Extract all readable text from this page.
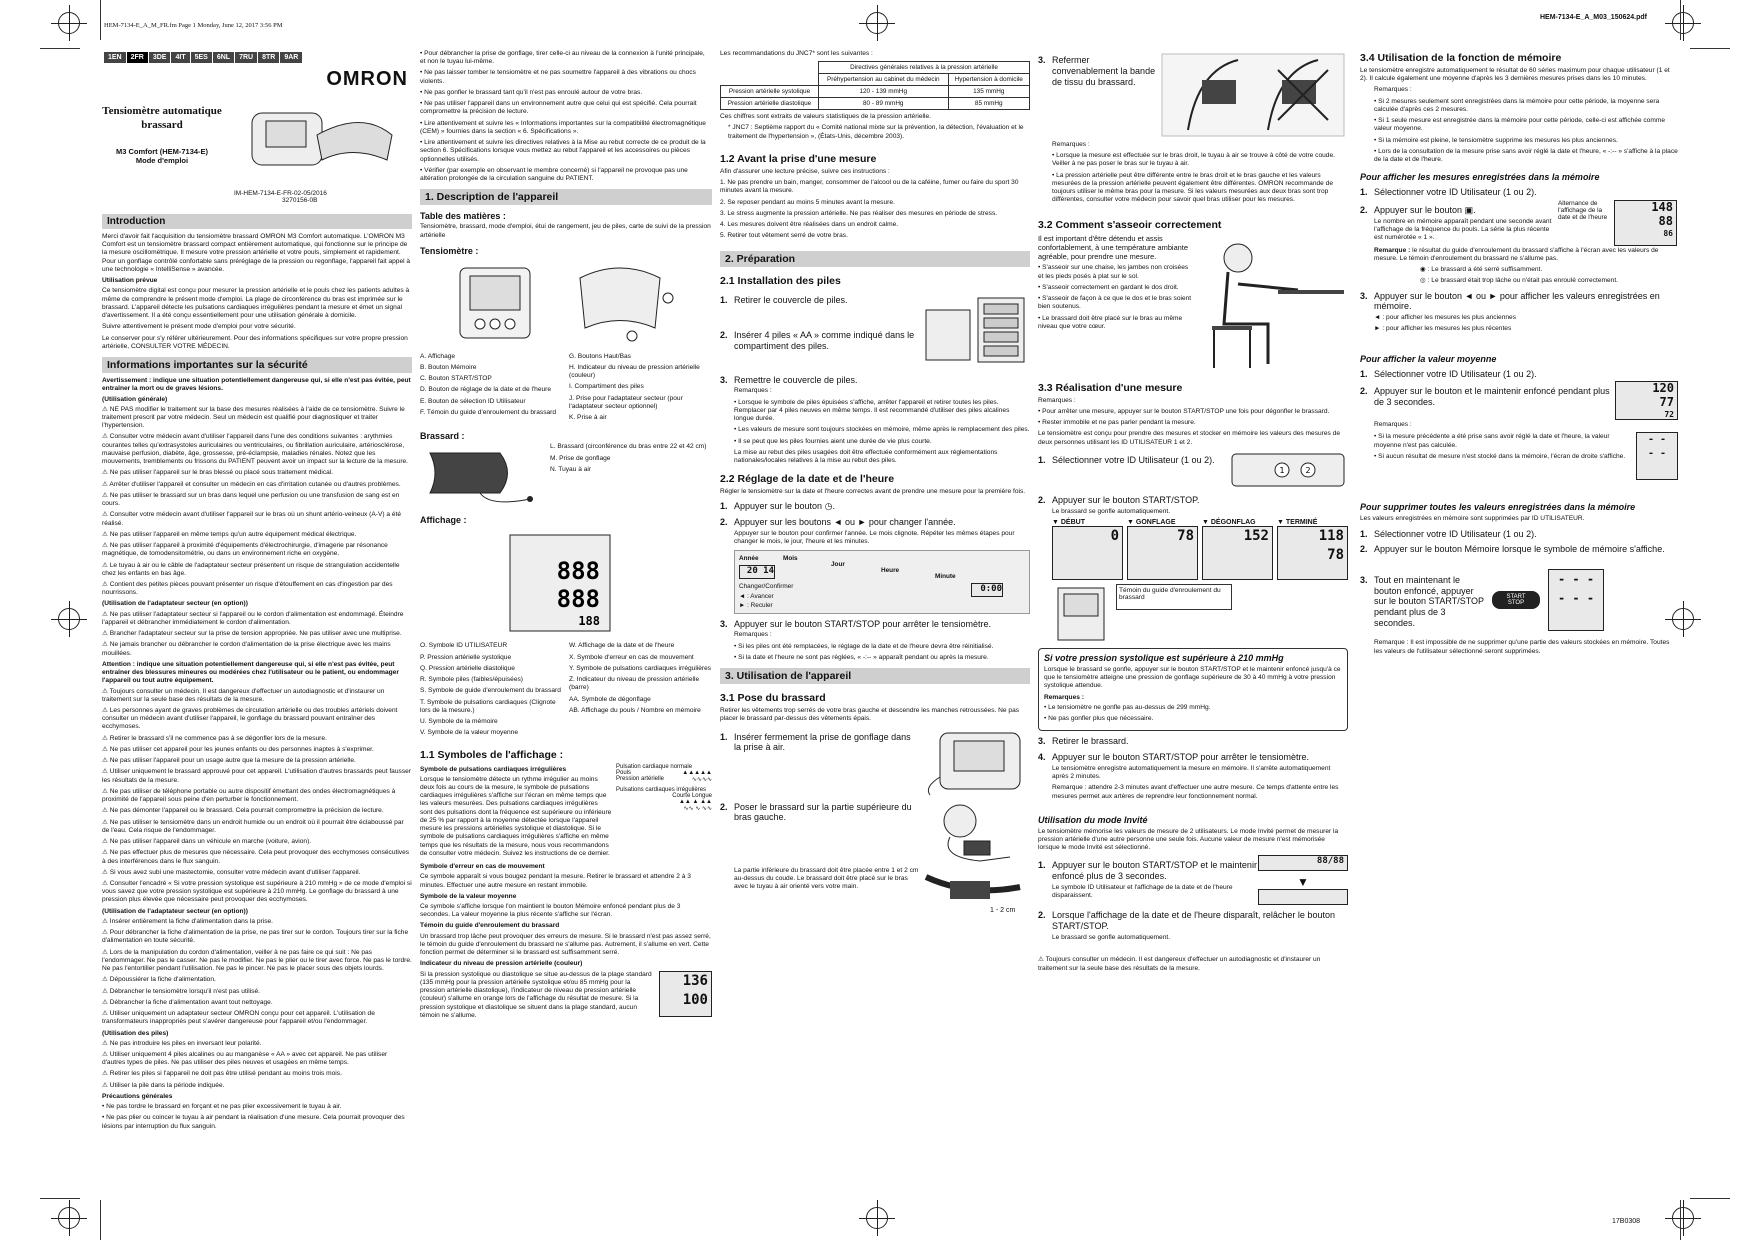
HEM-7134-E_A_M_FR.fm Page 1 Monday, June 12, 2017 3:56 PM
HEM-7134-E_A_M03_150624.pdf
17B0308
1EN	2FR	3DE	4IT	5ES	6NL	7RU	8TR	9AR
OMRON
Tensiomètre automatique brassard
M3 Comfort (HEM-7134-E)
Mode d'emploi
IM-HEM-7134-E-FR-02-05/2016
3270156-0B
Introduction
Merci d'avoir fait l'acquisition du tensiomètre brassard OMRON M3 Comfort automatique. L'OMRON M3 Comfort est un tensiomètre brassard compact entièrement automatique, qui fonctionne sur le principe de la mesure oscillométrique. Il mesure votre pression artérielle et votre pouls, simplement et rapidement. Pour un gonflage contrôlé confortable sans préréglage de la pression ou regonflage, l'appareil fait appel à une technologie « IntelliSense » avancée.
Utilisation prévue
Ce tensiomètre digital est conçu pour mesurer la pression artérielle et le pouls chez les patients adultes à même de comprendre le présent mode d'emploi. La plage de circonférence du bras est imprimée sur le brassard. L'appareil détecte les pulsations cardiaques irrégulières pendant la mesure et émet un signal d'avertissement. Il a été conçu essentiellement pour une utilisation générale à domicile.
Suivre attentivement le présent mode d'emploi pour votre sécurité.
Le conserver pour s'y référer ultérieurement. Pour des informations spécifiques sur votre propre pression artérielle, CONSULTER VOTRE MÉDECIN.
Informations importantes sur la sécurité
Avertissement : indique une situation potentiellement dangereuse qui, si elle n'est pas évitée, peut entraîner la mort ou de graves lésions.
(Utilisation générale)
⚠ NE PAS modifier le traitement sur la base des mesures réalisées à l'aide de ce tensiomètre. Suivre le traitement prescrit par votre médecin. Seul un médecin est qualifié pour diagnostiquer et traiter l'hypertension.
⚠ Consulter votre médecin avant d'utiliser l'appareil dans l'une des conditions suivantes : arythmies courantes telles qu'extrasystoles auriculaires ou ventriculaires, ou fibrillation auriculaire, artériosclérose, mauvaise perfusion, diabète, âge, grossesse, pré-éclampsie, maladies rénales. Notez que les mouvements, tremblements ou frissons du PATIENT peuvent avoir un impact sur la lecture de la mesure.
⚠ Ne pas utiliser l'appareil sur le bras blessé ou placé sous traitement médical.
⚠ Arrêter d'utiliser l'appareil et consulter un médecin en cas d'irritation cutanée ou d'autres problèmes.
⚠ Ne pas utiliser le brassard sur un bras dans lequel une perfusion ou une transfusion de sang est en cours.
⚠ Consulter votre médecin avant d'utiliser l'appareil sur le bras où un shunt artério-veineux (A-V) a été réalisé.
⚠ Ne pas utiliser l'appareil en même temps qu'un autre équipement médical électrique.
⚠ Ne pas utiliser l'appareil à proximité d'équipements d'électrochirurgie, d'imagerie par résonance magnétique, de tomodensitométrie, ou dans un environnement riche en oxygène.
⚠ Le tuyau à air ou le câble de l'adaptateur secteur présentent un risque de strangulation accidentelle chez les enfants en bas âge.
⚠ Contient des petites pièces pouvant présenter un risque d'étouffement en cas d'ingestion par des nourrissons.
(Utilisation de l'adaptateur secteur (en option))
⚠ Ne pas utiliser l'adaptateur secteur si l'appareil ou le cordon d'alimentation est endommagé. Éteindre l'appareil et débrancher immédiatement le cordon d'alimentation.
⚠ Brancher l'adaptateur secteur sur la prise de tension appropriée. Ne pas utiliser avec une multiprise.
⚠ Ne jamais brancher ou débrancher le cordon d'alimentation de la prise électrique avec les mains mouillées.
Attention : indique une situation potentiellement dangereuse qui, si elle n'est pas évitée, peut entraîner des blessures mineures ou modérées chez l'utilisateur ou le patient, ou endommager l'appareil ou tout autre équipement.
⚠ Toujours consulter un médecin. Il est dangereux d'effectuer un autodiagnostic et d'instaurer un traitement sur la seule base des résultats de la mesure.
⚠ Les personnes ayant de graves problèmes de circulation artérielle ou des troubles artériels doivent consulter un médecin avant d'utiliser l'appareil, le gonflage du brassard pouvant entraîner des ecchymoses.
⚠ Retirer le brassard s'il ne commence pas à se dégonfler lors de la mesure.
⚠ Ne pas utiliser cet appareil pour les jeunes enfants ou des personnes inaptes à s'exprimer.
⚠ Ne pas utiliser l'appareil pour un usage autre que la mesure de la pression artérielle.
⚠ Utiliser uniquement le brassard approuvé pour cet appareil. L'utilisation d'autres brassards peut fausser les résultats de la mesure.
⚠ Ne pas utiliser de téléphone portable ou autre dispositif émettant des ondes électromagnétiques à proximité de l'appareil sous peine d'en perturber le fonctionnement.
⚠ Ne pas démonter l'appareil ou le brassard. Cela pourrait compromettre la précision de lecture.
⚠ Ne pas utiliser le tensiomètre dans un endroit humide ou un endroit où il pourrait être éclaboussé par de l'eau. Cela risque de l'endommager.
⚠ Ne pas utiliser l'appareil dans un véhicule en marche (voiture, avion).
⚠ Ne pas effectuer plus de mesures que nécessaire. Cela peut provoquer des ecchymoses consécutives à des interférences dans le flux sanguin.
⚠ Si vous avez subi une mastectomie, consulter votre médecin avant d'utiliser l'appareil.
⚠ Consulter l'encadré « Si votre pression systolique est supérieure à 210 mmHg » de ce mode d'emploi si vous savez que votre pression systolique est supérieure à 210 mmHg. Le gonflage du brassard à une pression plus élevée que nécessaire peut provoquer des ecchymoses.
(Utilisation de l'adaptateur secteur (en option))
⚠ Insérer entièrement la fiche d'alimentation dans la prise.
⚠ Pour débrancher la fiche d'alimentation de la prise, ne pas tirer sur le cordon. Toujours tirer sur la fiche d'alimentation en toute sécurité.
⚠ Lors de la manipulation du cordon d'alimentation, veiller à ne pas faire ce qui suit : Ne pas l'endommager. Ne pas le casser. Ne pas le modifier. Ne pas le plier ou le tirer avec force. Ne pas le tordre. Ne pas l'entortiller pendant l'utilisation. Ne pas le pincer. Ne pas le placer sous des objets lourds.
⚠ Dépoussiérer la fiche d'alimentation.
⚠ Débrancher le tensiomètre lorsqu'il n'est pas utilisé.
⚠ Débrancher la fiche d'alimentation avant tout nettoyage.
⚠ Utiliser uniquement un adaptateur secteur OMRON conçu pour cet appareil. L'utilisation de transformateurs inappropriés peut s'avérer dangereuse pour l'appareil et/ou l'endommager.
(Utilisation des piles)
⚠ Ne pas introduire les piles en inversant leur polarité.
⚠ Utiliser uniquement 4 piles alcalines ou au manganèse « AA » avec cet appareil. Ne pas utiliser d'autres types de piles. Ne pas utiliser des piles neuves et usagées en même temps.
⚠ Retirer les piles si l'appareil ne doit pas être utilisé pendant au moins trois mois.
⚠ Utiliser la pile dans la période indiquée.
Précautions générales
• Ne pas tordre le brassard en forçant et ne pas plier excessivement le tuyau à air.
• Ne pas plier ou coincer le tuyau à air pendant la réalisation d'une mesure. Cela pourrait provoquer des lésions par interruption du flux sanguin.
• Pour débrancher la prise de gonflage, tirer celle-ci au niveau de la connexion à l'unité principale, et non le tuyau lui-même.
• Ne pas laisser tomber le tensiomètre et ne pas soumettre l'appareil à des vibrations ou chocs violents.
• Ne pas gonfler le brassard tant qu'il n'est pas enroulé autour de votre bras.
• Ne pas utiliser l'appareil dans un environnement autre que celui qui est spécifié. Cela pourrait compromettre la précision de lecture.
• Lire attentivement et suivre les « Informations importantes sur la compatibilité électromagnétique (CEM) » fournies dans la section « 6. Spécifications ».
• Lire attentivement et suivre les directives relatives à la Mise au rebut correcte de ce produit de la section 6. Spécifications lorsque vous mettez au rebut l'appareil et les accessoires ou pièces optionnelles utilisés.
• Vérifier (par exemple en observant le membre concerné) si l'appareil ne provoque pas une altération prolongée de la circulation sanguine du PATIENT.
1. Description de l'appareil
Table des matières :
Tensiomètre, brassard, mode d'emploi, étui de rangement, jeu de piles, carte de suivi de la pression artérielle
Tensiomètre :
A. Affichage
B. Bouton Mémoire
C. Bouton START/STOP
D. Bouton de réglage de la date et de l'heure
E. Bouton de sélection ID Utilisateur
F. Témoin du guide d'enroulement du brassard
G. Boutons Haut/Bas
H. Indicateur du niveau de pression artérielle (couleur)
I. Compartiment des piles
J. Prise pour l'adaptateur secteur (pour l'adaptateur secteur optionnel)
K. Prise à air
Brassard :
L. Brassard (circonférence du bras entre 22 et 42 cm)
M. Prise de gonflage
N. Tuyau à air
Affichage :
888
888
188
O. Symbole ID UTILISATEUR
P. Pression artérielle systolique
Q. Pression artérielle diastolique
R. Symbole piles (faibles/épuisées)
S. Symbole de guide d'enroulement du brassard
T. Symbole de pulsations cardiaques (Clignote lors de la mesure.)
U. Symbole de la mémoire
V. Symbole de la valeur moyenne
W. Affichage de la date et de l'heure
X. Symbole d'erreur en cas de mouvement
Y. Symbole de pulsations cardiaques irrégulières
Z. Indicateur du niveau de pression artérielle (barre)
AA. Symbole de dégonflage
AB. Affichage du pouls / Nombre en mémoire
1.1 Symboles de l'affichage :
Symbole de pulsations cardiaques irrégulières
Lorsque le tensiomètre détecte un rythme irrégulier au moins deux fois au cours de la mesure, le symbole de pulsations cardiaques irrégulières s'affiche sur l'écran en même temps que les valeurs mesurées. Des pulsations cardiaques irrégulières sont des pulsations dont la fréquence est supérieure ou inférieure de 25 % par rapport à la moyenne détectée lorsque l'appareil mesure les pressions artérielles systolique et diastolique. Si le symbole de pulsations cardiaques irrégulières s'affiche en même temps que les résultats de la mesure, nous vous recommandons de consulter votre médecin. Suivez les instructions de ce dernier.
Pulsation cardiaque normale
Pouls	▲▲▲▲▲
Pression artérielle	∿∿∿∿
Pulsations cardiaques irrégulières
Courte Longue
▲▲ ▲ ▲▲
∿∿ ∿ ∿∿
Symbole d'erreur en cas de mouvement
Ce symbole apparaît si vous bougez pendant la mesure. Retirer le brassard et attendre 2 à 3 minutes. Effectuer une autre mesure en restant immobile.
Symbole de la valeur moyenne
Ce symbole s'affiche lorsque l'on maintient le bouton Mémoire enfoncé pendant plus de 3 secondes. La valeur moyenne la plus récente s'affiche sur l'écran.
Témoin du guide d'enroulement du brassard
Un brassard trop lâche peut provoquer des erreurs de mesure. Si le brassard n'est pas assez serré, le témoin du guide d'enroulement du brassard ne s'allume pas. Autrement, il s'allume en vert. Cette fonction permet de déterminer si le brassard est suffisamment serré.
Indicateur du niveau de pression artérielle (couleur)
Si la pression systolique ou diastolique se situe au-dessus de la plage standard (135 mmHg pour la pression artérielle systolique et/ou 85 mmHg pour la pression artérielle diastolique), l'indicateur de niveau de pression artérielle (couleur) s'allume en orange lors de l'affichage du résultat de mesure. Si la pression systolique et diastolique se situent dans la plage standard, aucun témoin ne s'allume.
136
100
Les recommandations du JNC7* sont les suivantes :
	Directives générales relatives à la pression artérielle	
	Préhypertension au cabinet du médecin	Hypertension à domicile
Pression artérielle systolique	120 - 139 mmHg	135 mmHg
Pression artérielle diastolique	80 - 89 mmHg	85 mmHg
Ces chiffres sont extraits de valeurs statistiques de la pression artérielle.
* JNC7 : Septième rapport du « Comité national mixte sur la prévention, la détection, l'évaluation et le traitement de l'hypertension », (États-Unis, décembre 2003).
1.2 Avant la prise d'une mesure
Afin d'assurer une lecture précise, suivre ces instructions :
1. Ne pas prendre un bain, manger, consommer de l'alcool ou de la caféine, fumer ou faire du sport 30 minutes avant la mesure.
2. Se reposer pendant au moins 5 minutes avant la mesure.
3. Le stress augmente la pression artérielle. Ne pas réaliser des mesures en période de stress.
4. Les mesures doivent être réalisées dans un endroit calme.
5. Retirer tout vêtement serré de votre bras.
2. Préparation
2.1 Installation des piles
1. Retirer le couvercle de piles.
2. Insérer 4 piles « AA » comme indiqué dans le compartiment des piles.
3. Remettre le couvercle de piles.
Remarques :
• Lorsque le symbole de piles épuisées s'affiche, arrêter l'appareil et retirer toutes les piles. Remplacer par 4 piles neuves en même temps. Il est recommandé d'utiliser des piles alcalines longue durée.
• Les valeurs de mesure sont toujours stockées en mémoire, même après le remplacement des piles.
• Il se peut que les piles fournies aient une durée de vie plus courte.
La mise au rebut des piles usagées doit être effectuée conformément aux réglementations nationales/locales relatives à la mise au rebut des piles.
2.2 Réglage de la date et de l'heure
Régler le tensiomètre sur la date et l'heure correctes avant de prendre une mesure pour la première fois.
1. Appuyer sur le bouton ◷.
2. Appuyer sur les boutons ◄ ou ► pour changer l'année.
Appuyer sur le bouton pour confirmer l'année. Le mois clignote. Répéter les mêmes étapes pour changer le mois, le jour, l'heure et les minutes.
Année
20 14
Mois
Jour
Heure
Minute
0:00
Changer/Confirmer
◄ : Avancer
► : Reculer
3. Appuyer sur le bouton START/STOP pour arrêter le tensiomètre.
Remarques :
• Si les piles ont été remplacées, le réglage de la date et de l'heure devra être réinitialisé.
• Si la date et l'heure ne sont pas réglées, « -:-- » apparaît pendant ou après la mesure.
3. Utilisation de l'appareil
3.1 Pose du brassard
Retirer les vêtements trop serrés de votre bras gauche et descendre les manches retroussées. Ne pas placer le brassard par-dessus des vêtements épais.
1. Insérer fermement la prise de gonflage dans la prise à air.
2. Poser le brassard sur la partie supérieure du bras gauche.
La partie inférieure du brassard doit être placée entre 1 et 2 cm au-dessus du coude. Le brassard doit être placé sur le bras avec le tuyau à air orienté vers votre main.
1 - 2 cm
3. Refermer convenablement la bande de tissu du brassard.
Remarques :
• Lorsque la mesure est effectuée sur le bras droit, le tuyau à air se trouve à côté de votre coude. Veiller à ne pas poser le bras sur le tuyau à air.
• La pression artérielle peut être différente entre le bras droit et le bras gauche et les valeurs mesurées de la pression artérielle peuvent également être différentes. OMRON recommande de toujours utiliser le même bras pour la mesure. Si les valeurs mesurées aux deux bras sont trop différentes, consulter votre médecin pour savoir quel bras utiliser pour les mesures.
3.2 Comment s'asseoir correctement
Il est important d'être détendu et assis confortablement, à une température ambiante agréable, pour prendre une mesure.
• S'asseoir sur une chaise, les jambes non croisées et les pieds posés à plat sur le sol.
• S'asseoir correctement en gardant le dos droit.
• S'asseoir de façon à ce que le dos et le bras soient bien soutenus.
• Le brassard doit être placé sur le bras au même niveau que votre cœur.
3.3 Réalisation d'une mesure
Remarques :
• Pour arrêter une mesure, appuyer sur le bouton START/STOP une fois pour dégonfler le brassard.
• Rester immobile et ne pas parler pendant la mesure.
Le tensiomètre est conçu pour prendre des mesures et stocker en mémoire les valeurs des mesures de deux personnes utilisant les ID UTILISATEUR 1 et 2.
1. Sélectionner votre ID Utilisateur (1 ou 2).
1	2
2. Appuyer sur le bouton START/STOP.
Le brassard se gonfle automatiquement.
▼ DÉBUT
0
▼ GONFLAGE
78
▼ DÉGONFLAG
152
▼ TERMINÉ
118
78
Témoin du guide d'enroulement du brassard
Si votre pression systolique est supérieure à 210 mmHg
Lorsque le brassard se gonfle, appuyer sur le bouton START/STOP et le maintenir enfoncé jusqu'à ce que le tensiomètre atteigne une pression de gonflage supérieure de 30 à 40 mmHg à votre pression systolique attendue.
Remarques :
• Le tensiomètre ne gonfle pas au-dessus de 299 mmHg.
• Ne pas gonfler plus que nécessaire.
3. Retirer le brassard.
4. Appuyer sur le bouton START/STOP pour arrêter le tensiomètre.
Le tensiomètre enregistre automatiquement la mesure en mémoire. Il s'arrête automatiquement après 2 minutes.
Remarque : attendre 2-3 minutes avant d'effectuer une autre mesure. Ce temps d'attente entre les mesures permet aux artères de reprendre leur fonctionnement normal.
Utilisation du mode Invité
Le tensiomètre mémorise les valeurs de mesure de 2 utilisateurs. Le mode Invité permet de mesurer la pression artérielle d'une autre personne une seule fois. Aucune valeur de mesure n'est mémorisée lorsque le mode Invité est sélectionné.
1. Appuyer sur le bouton START/STOP et le maintenir enfoncé plus de 3 secondes.
Le symbole ID Utilisateur et l'affichage de la date et de l'heure disparaissent.
88/88
▼
2. Lorsque l'affichage de la date et de l'heure disparaît, relâcher le bouton START/STOP.
Le brassard se gonfle automatiquement.
⚠ Toujours consulter un médecin. Il est dangereux d'effectuer un autodiagnostic et d'instaurer un traitement sur la seule base des résultats de la mesure.
3.4 Utilisation de la fonction de mémoire
Le tensiomètre enregistre automatiquement le résultat de 60 séries maximum pour chaque utilisateur (1 et 2). Il calcule également une moyenne d'après les 3 dernières mesures prises dans les 10 minutes.
Remarques :
• Si 2 mesures seulement sont enregistrées dans la mémoire pour cette période, la moyenne sera calculée d'après ces 2 mesures.
• Si 1 seule mesure est enregistrée dans la mémoire pour cette période, celle-ci est affichée comme valeur moyenne.
• Si la mémoire est pleine, le tensiomètre supprime les mesures les plus anciennes.
• Lors de la consultation de la mesure prise sans avoir réglé la date et l'heure, « -:-- » s'affiche à la place de la date et de l'heure.
Pour afficher les mesures enregistrées dans la mémoire
1. Sélectionner votre ID Utilisateur (1 ou 2).
2. Appuyer sur le bouton ▣.
Le nombre en mémoire apparaît pendant une seconde avant l'affichage de la fréquence du pouls. La série la plus récente est numérotée « 1 ».
Alternance de l'affichage de la date et de l'heure
148
88
86
Remarque : le résultat du guide d'enroulement du brassard s'affiche à l'écran avec les valeurs de mesure. Le témoin d'enroulement du brassard ne s'allume pas.
◉ : Le brassard a été serré suffisamment.
◎ : Le brassard était trop lâche ou n'était pas enroulé correctement.
3. Appuyer sur le bouton ◄ ou ► pour afficher les valeurs enregistrées en mémoire.
◄ : pour afficher les mesures les plus anciennes
► : pour afficher les mesures les plus récentes
Pour afficher la valeur moyenne
1. Sélectionner votre ID Utilisateur (1 ou 2).
2. Appuyer sur le bouton et le maintenir enfoncé pendant plus de 3 secondes.
120
77
72
Remarques :
• Si la mesure précédente a été prise sans avoir réglé la date et l'heure, la valeur moyenne n'est pas calculée.
• Si aucun résultat de mesure n'est stocké dans la mémoire, l'écran de droite s'affiche.
- -
- -
Pour supprimer toutes les valeurs enregistrées dans la mémoire
Les valeurs enregistrées en mémoire sont supprimées par ID UTILISATEUR.
1. Sélectionner votre ID Utilisateur (1 ou 2).
2. Appuyer sur le bouton Mémoire lorsque le symbole de mémoire s'affiche.
3. Tout en maintenant le bouton enfoncé, appuyer sur le bouton START/STOP pendant plus de 3 secondes.
START STOP
- - -
- - -
Remarque : Il est impossible de ne supprimer qu'une partie des valeurs stockées en mémoire. Toutes les valeurs de l'utilisateur sélectionné seront supprimées.
